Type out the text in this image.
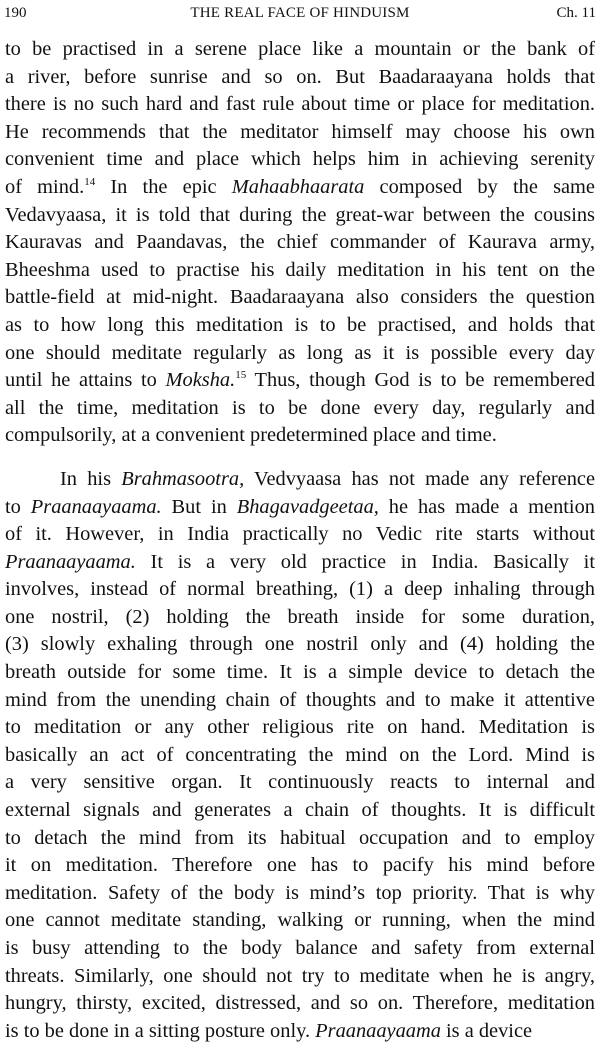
190	THE REAL FACE OF HINDUISM	Ch. 11
to be practised in a serene place like a mountain or the bank of
a river, before sunrise and so on. But Baadaraayana holds that
there is no such hard and fast rule about time or place for meditation.
He recommends that the meditator himself may choose his own
convenient time and place which helps him in achieving serenity
of mind.$^{14}$ In the epic Mahaabhaarata composed by the same
Vedavyaasa, it is told that during the great-war between the cousins
Kauravas and Paandavas, the chief commander of Kaurava army,
Bheeshma used to practise his daily meditation in his tent on the
battle-field at mid-night. Baadaraayana also considers the question
as to how long this meditation is to be practised, and holds that
one should meditate regularly as long as it is possible every day
until he attains to Moksha.$^{15}$ Thus, though God is to be remembered
all the time, meditation is to be done every day, regularly and
compulsorily, at a convenient predetermined place and time.
In his Brahmasootra, Vedvyaasa has not made any reference
to Praanaayaama. But in Bhagavadgeetaa, he has made a mention
of it. However, in India practically no Vedic rite starts without
Praanaayaama. It is a very old practice in India. Basically it
involves, instead of normal breathing, (1) a deep inhaling through
one nostril, (2) holding the breath inside for some duration,
(3) slowly exhaling through one nostril only and (4) holding the
breath outside for some time. It is a simple device to detach the
mind from the unending chain of thoughts and to make it attentive
to meditation or any other religious rite on hand. Meditation is
basically an act of concentrating the mind on the Lord. Mind is
a very sensitive organ. It continuously reacts to internal and
external signals and generates a chain of thoughts. It is difficult
to detach the mind from its habitual occupation and to employ
it on meditation. Therefore one has to pacify his mind before
meditation. Safety of the body is mind’s top priority. That is why
one cannot meditate standing, walking or running, when the mind
is busy attending to the body balance and safety from external
threats. Similarly, one should not try to meditate when he is angry,
hungry, thirsty, excited, distressed, and so on. Therefore, meditation
is to be done in a sitting posture only. Praanaayaama is a device
